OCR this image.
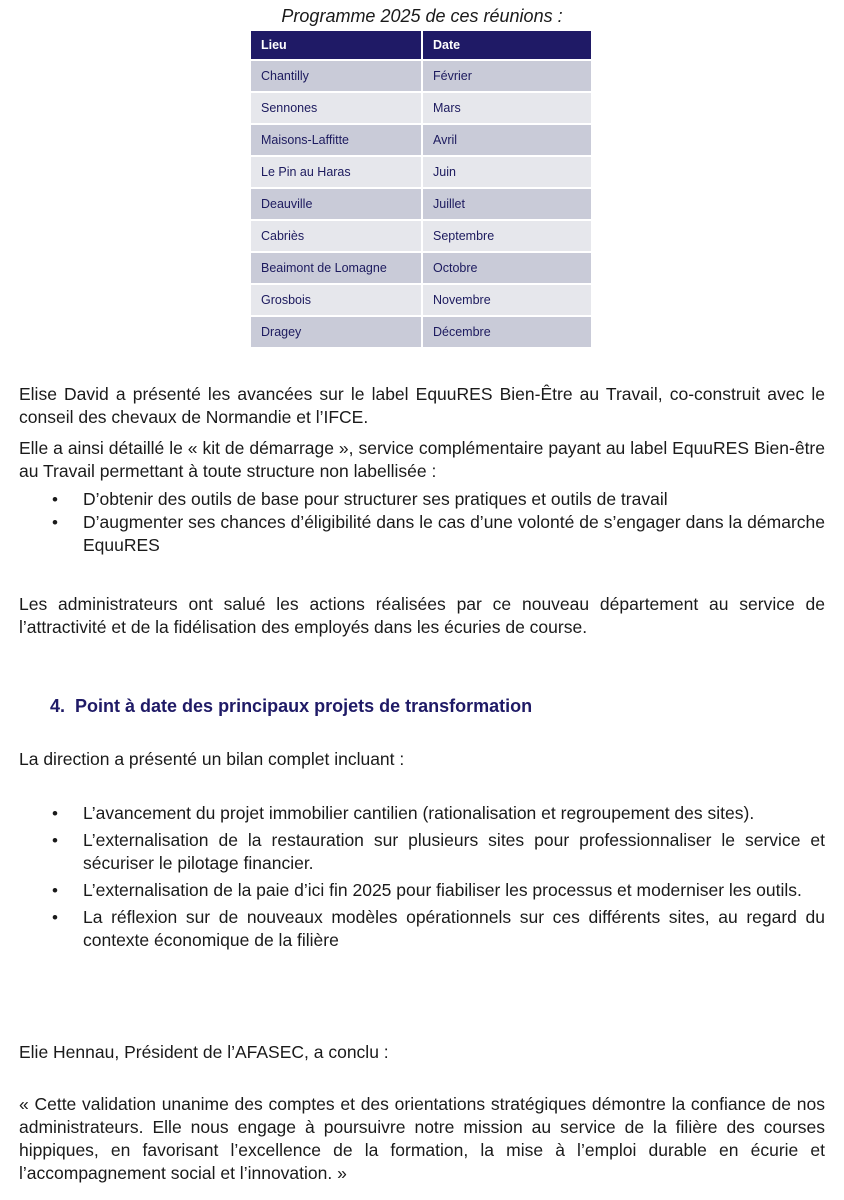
Programme 2025 de ces réunions :
Lieu	Date
Chantilly	Février
Sennones	Mars
Maisons-Laffitte	Avril
Le Pin au Haras	Juin
Deauville	Juillet
Cabriès	Septembre
Beaimont de Lomagne	Octobre
Grosbois	Novembre
Dragey	Décembre

Elise David a présenté les avancées sur le label EquuRES Bien-Être au Travail, co-construit avec le conseil des chevaux de Normandie et l’IFCE.

Elle a ainsi détaillé le « kit de démarrage », service complémentaire payant au label EquuRES Bien-être au Travail permettant à toute structure non labellisée :

• D’obtenir des outils de base pour structurer ses pratiques et outils de travail
• D’augmenter ses chances d’éligibilité dans le cas d’une volonté de s’engager dans la démarche EquuRES

Les administrateurs ont salué les actions réalisées par ce nouveau département au service de l’attractivité et de la fidélisation des employés dans les écuries de course.

4. Point à date des principaux projets de transformation

La direction a présenté un bilan complet incluant :

• L’avancement du projet immobilier cantilien (rationalisation et regroupement des sites).
• L’externalisation de la restauration sur plusieurs sites pour professionnaliser le service et sécuriser le pilotage financier.
• L’externalisation de la paie d’ici fin 2025 pour fiabiliser les processus et moderniser les outils.
• La réflexion sur de nouveaux modèles opérationnels sur ces différents sites, au regard du contexte économique de la filière

Elie Hennau, Président de l’AFASEC, a conclu :

« Cette validation unanime des comptes et des orientations stratégiques démontre la confiance de nos administrateurs. Elle nous engage à poursuivre notre mission au service de la filière des courses hippiques, en favorisant l’excellence de la formation, la mise à l’emploi durable en écurie et l’accompagnement social et l’innovation. »
